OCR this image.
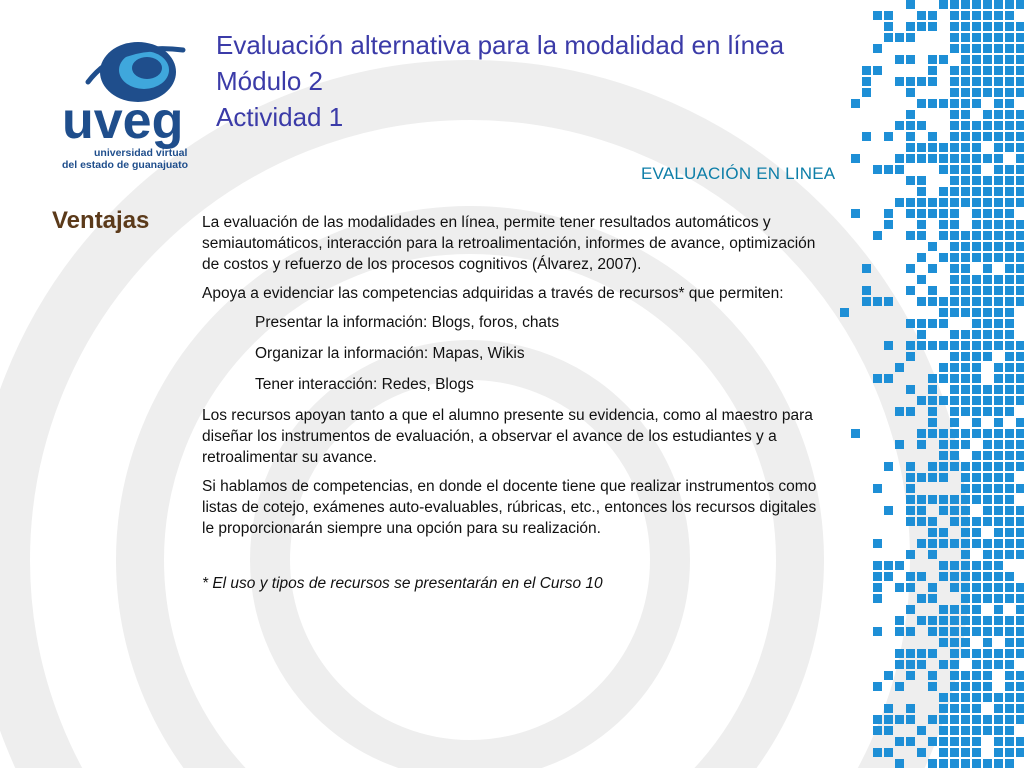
uveg
universidad virtual
del estado de guanajuato
Evaluación alternativa para la modalidad en línea
Módulo 2
Actividad 1
EVALUACIÓN EN LINEA
Ventajas	La evaluación de las modalidades en línea, permite tener resultados automáticos y semiautomáticos, interacción para la retroalimentación, informes de avance, optimización de costos y refuerzo de los procesos cognitivos (Álvarez, 2007).

Apoya a evidenciar las competencias adquiridas a través de recursos* que permiten:

Presentar la información: Blogs, foros, chats

Organizar la información: Mapas, Wikis

Tener interacción: Redes, Blogs

Los recursos apoyan tanto a que el alumno presente su evidencia, como al maestro para diseñar los instrumentos de evaluación, a observar el avance de los estudiantes y a retroalimentar su avance.

Si hablamos de competencias, en donde el docente tiene que realizar instrumentos como listas de cotejo, exámenes auto-evaluables, rúbricas, etc., entonces los recursos digitales le proporcionarán siempre una opción para su realización.

* El uso y tipos de recursos se presentarán en el Curso 10
